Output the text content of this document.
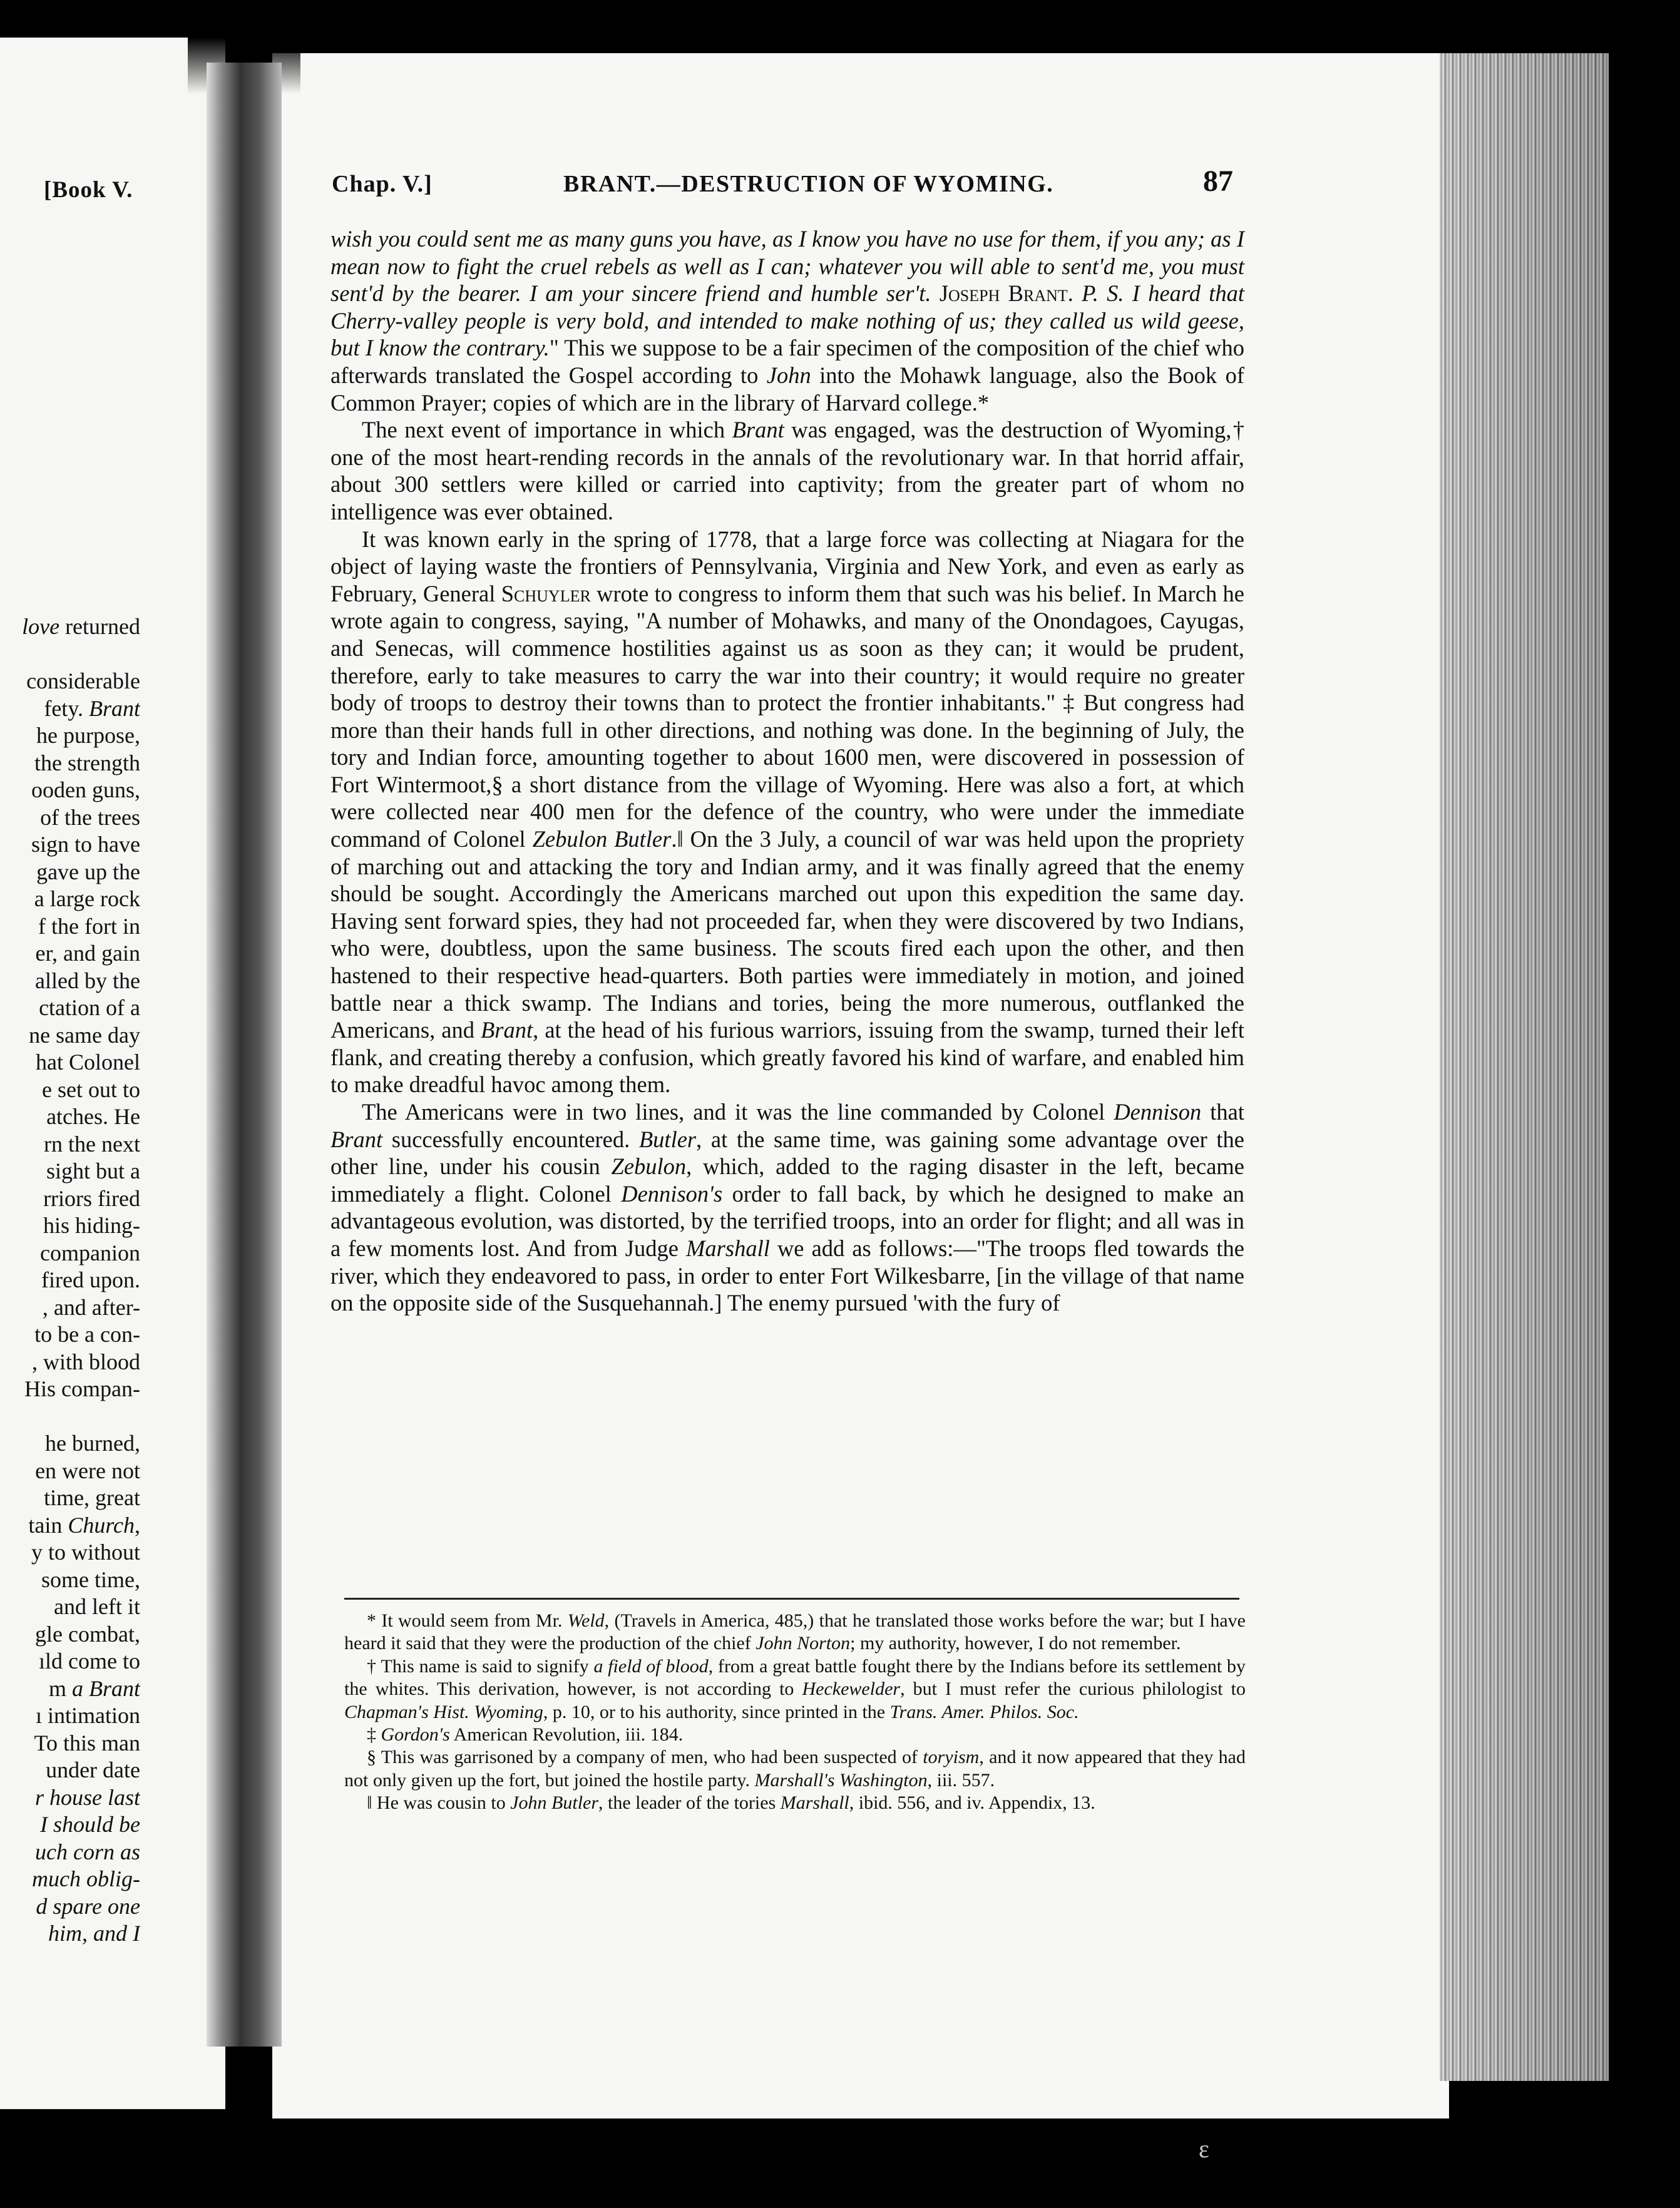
[Book V.
love returned

considerable
fety. Brant
he purpose,
the strength
ooden guns,
of the trees
sign to have
gave up the
a large rock
f the fort in
er, and gain
alled by the
ctation of a
ne same day
hat Colonel
e set out to
atches. He
rn the next
sight but a
rriors fired
his hiding-
companion
fired upon.
, and after-
to be a con-
, with blood
His compan-

he burned,
en were not
time, great
tain Church,
y to without
some time,
and left it
gle combat,
ıld come to
m a Brant
ı intimation
To this man
under date
r house last
I should be
uch corn as
much oblig-
d spare one
him, and I
Chap. V.]	BRANT.—DESTRUCTION OF WYOMING.	87

wish you could sent me as many guns you have, as I know you have no use for them, if you any; as I mean now to fight the cruel rebels as well as I can; whatever you will able to sent'd me, you must sent'd by the bearer. I am your sincere friend and humble ser't. Joseph Brant. P. S. I heard that Cherry-valley people is very bold, and intended to make nothing of us; they called us wild geese, but I know the contrary." This we suppose to be a fair specimen of the composition of the chief who afterwards translated the Gospel according to John into the Mohawk language, also the Book of Common Prayer; copies of which are in the library of Harvard college.*

The next event of importance in which Brant was engaged, was the destruction of Wyoming,† one of the most heart-rending records in the annals of the revolutionary war. In that horrid affair, about 300 settlers were killed or carried into captivity; from the greater part of whom no intelligence was ever obtained.

It was known early in the spring of 1778, that a large force was collecting at Niagara for the object of laying waste the frontiers of Pennsylvania, Virginia and New York, and even as early as February, General Schuyler wrote to congress to inform them that such was his belief. In March he wrote again to congress, saying, "A number of Mohawks, and many of the Onondagoes, Cayugas, and Senecas, will commence hostilities against us as soon as they can; it would be prudent, therefore, early to take measures to carry the war into their country; it would require no greater body of troops to destroy their towns than to protect the frontier inhabitants." ‡ But congress had more than their hands full in other directions, and nothing was done. In the beginning of July, the tory and Indian force, amounting together to about 1600 men, were discovered in possession of Fort Wintermoot,§ a short distance from the village of Wyoming. Here was also a fort, at which were collected near 400 men for the defence of the country, who were under the immediate command of Colonel Zebulon Butler.‖ On the 3 July, a council of war was held upon the propriety of marching out and attacking the tory and Indian army, and it was finally agreed that the enemy should be sought. Accordingly the Americans marched out upon this expedition the same day. Having sent forward spies, they had not proceeded far, when they were discovered by two Indians, who were, doubtless, upon the same business. The scouts fired each upon the other, and then hastened to their respective head-quarters. Both parties were immediately in motion, and joined battle near a thick swamp. The Indians and tories, being the more numerous, outflanked the Americans, and Brant, at the head of his furious warriors, issuing from the swamp, turned their left flank, and creating thereby a confusion, which greatly favored his kind of warfare, and enabled him to make dreadful havoc among them.

The Americans were in two lines, and it was the line commanded by Colonel Dennison that Brant successfully encountered. Butler, at the same time, was gaining some advantage over the other line, under his cousin Zebulon, which, added to the raging disaster in the left, became immediately a flight. Colonel Dennison's order to fall back, by which he designed to make an advantageous evolution, was distorted, by the terrified troops, into an order for flight; and all was in a few moments lost. And from Judge Marshall we add as follows:—"The troops fled towards the river, which they endeavored to pass, in order to enter Fort Wilkesbarre, [in the village of that name on the opposite side of the Susquehannah.] The enemy pursued 'with the fury of

* It would seem from Mr. Weld, (Travels in America, 485,) that he translated those works before the war; but I have heard it said that they were the production of the chief John Norton; my authority, however, I do not remember.

† This name is said to signify a field of blood, from a great battle fought there by the Indians before its settlement by the whites. This derivation, however, is not according to Heckewelder, but I must refer the curious philologist to Chapman's Hist. Wyoming, p. 10, or to his authority, since printed in the Trans. Amer. Philos. Soc.

‡ Gordon's American Revolution, iii. 184.

§ This was garrisoned by a company of men, who had been suspected of toryism, and it now appeared that they had not only given up the fort, but joined the hostile party. Marshall's Washington, iii. 557.

‖ He was cousin to John Butler, the leader of the tories Marshall, ibid. 556, and iv. Appendix, 13.

ɛ
